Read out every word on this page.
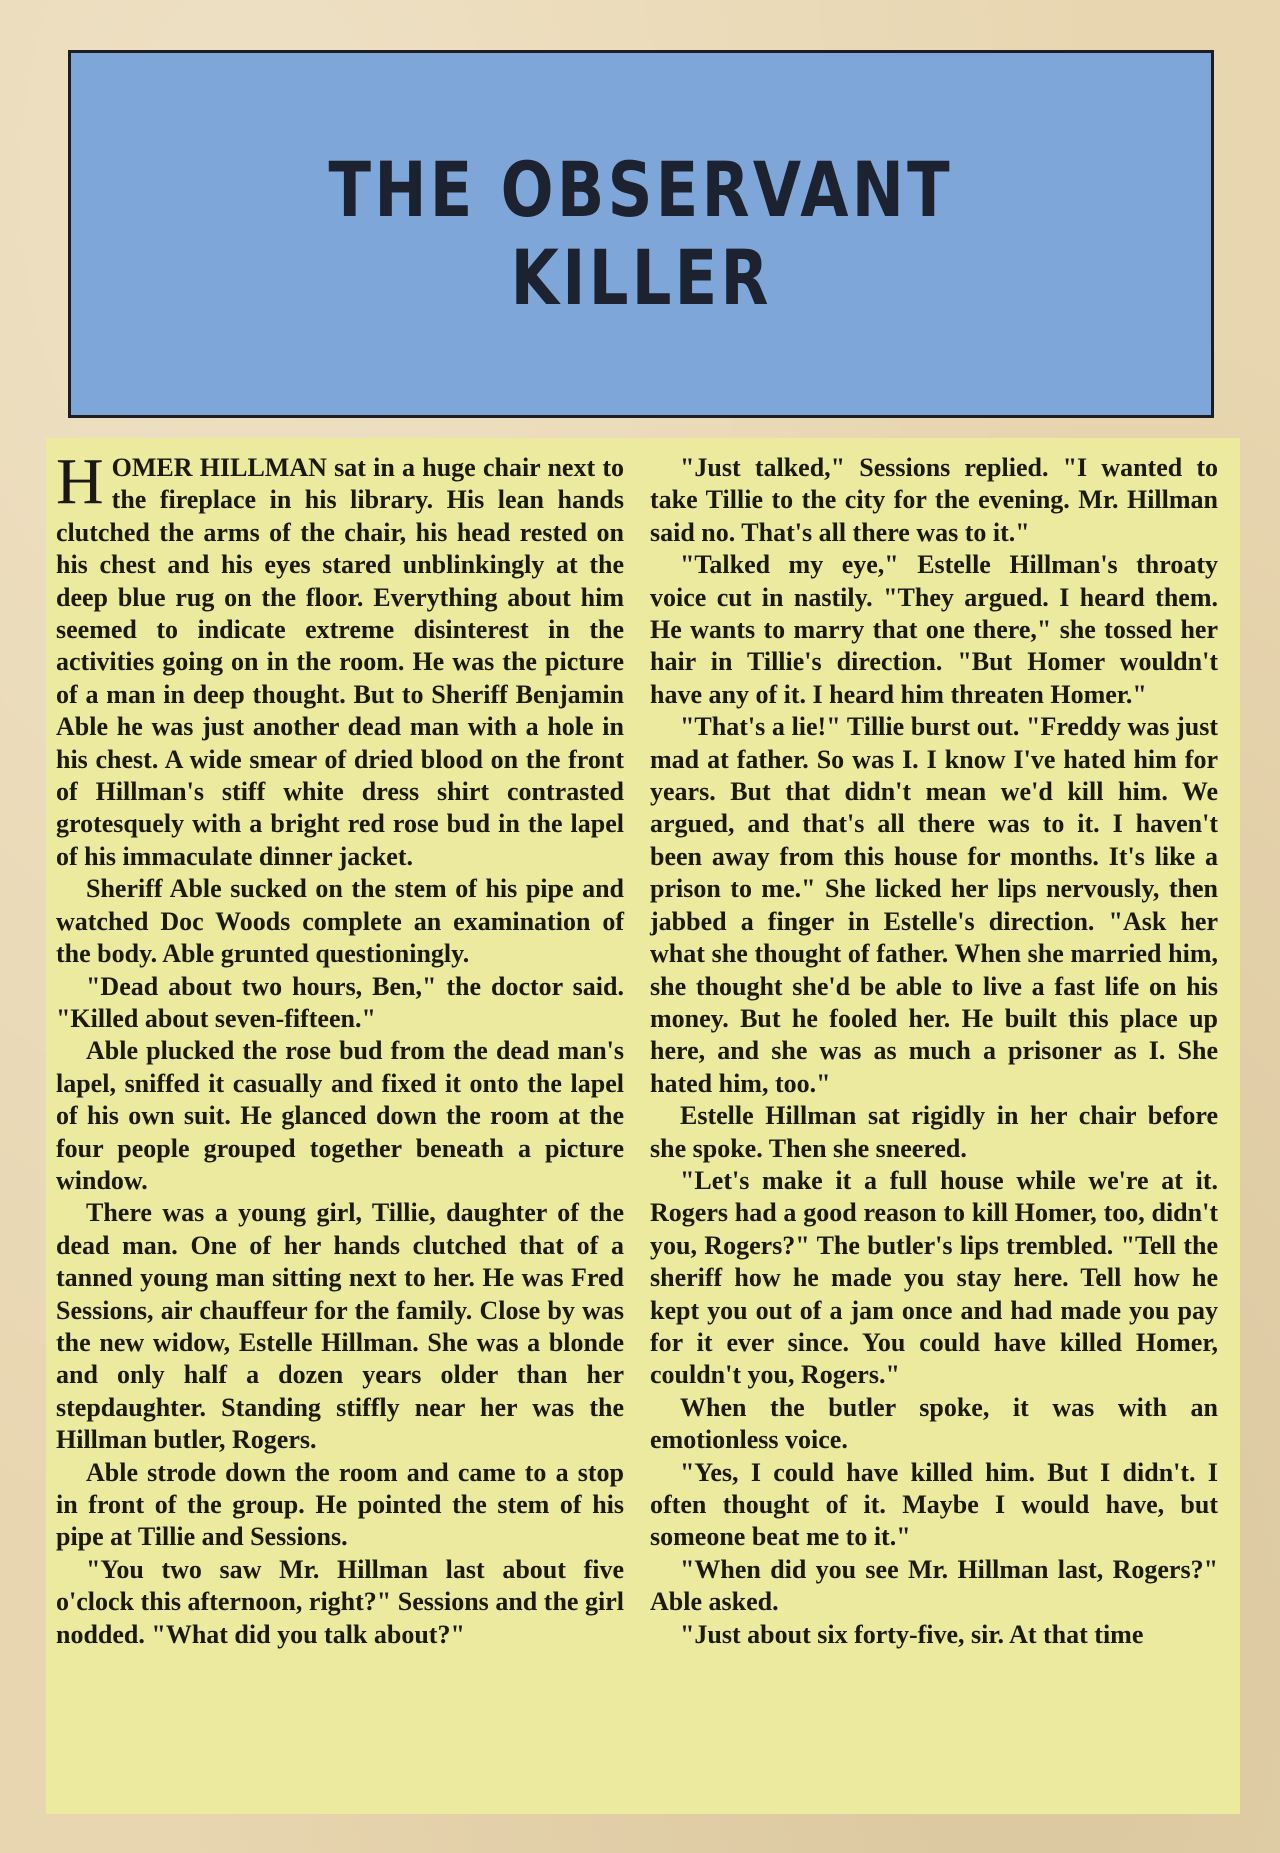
THE OBSERVANT
KILLER

HOMER HILLMAN sat in a huge chair next to the fireplace in his library. His lean hands clutched the arms of the chair, his head rested on his chest and his eyes stared unblinkingly at the deep blue rug on the floor. Everything about him seemed to indicate extreme disinterest in the activities going on in the room. He was the picture of a man in deep thought. But to Sheriff Benjamin Able he was just another dead man with a hole in his chest. A wide smear of dried blood on the front of Hillman's stiff white dress shirt contrasted grotesquely with a bright red rose bud in the lapel of his immaculate dinner jacket.

Sheriff Able sucked on the stem of his pipe and watched Doc Woods complete an examination of the body. Able grunted questioningly.

"Dead about two hours, Ben," the doctor said. "Killed about seven-fifteen."

Able plucked the rose bud from the dead man's lapel, sniffed it casually and fixed it onto the lapel of his own suit. He glanced down the room at the four people grouped together beneath a picture window.

There was a young girl, Tillie, daughter of the dead man. One of her hands clutched that of a tanned young man sitting next to her. He was Fred Sessions, air chauffeur for the family. Close by was the new widow, Estelle Hillman. She was a blonde and only half a dozen years older than her stepdaughter. Standing stiffly near her was the Hillman butler, Rogers.

Able strode down the room and came to a stop in front of the group. He pointed the stem of his pipe at Tillie and Sessions.

"You two saw Mr. Hillman last about five o'clock this afternoon, right?" Sessions and the girl nodded. "What did you talk about?"

"Just talked," Sessions replied. "I wanted to take Tillie to the city for the evening. Mr. Hillman said no. That's all there was to it."

"Talked my eye," Estelle Hillman's throaty voice cut in nastily. "They argued. I heard them. He wants to marry that one there," she tossed her hair in Tillie's direction. "But Homer wouldn't have any of it. I heard him threaten Homer."

"That's a lie!" Tillie burst out. "Freddy was just mad at father. So was I. I know I've hated him for years. But that didn't mean we'd kill him. We argued, and that's all there was to it. I haven't been away from this house for months. It's like a prison to me." She licked her lips nervously, then jabbed a finger in Estelle's direction. "Ask her what she thought of father. When she married him, she thought she'd be able to live a fast life on his money. But he fooled her. He built this place up here, and she was as much a prisoner as I. She hated him, too."

Estelle Hillman sat rigidly in her chair before she spoke. Then she sneered.

"Let's make it a full house while we're at it. Rogers had a good reason to kill Homer, too, didn't you, Rogers?" The butler's lips trembled. "Tell the sheriff how he made you stay here. Tell how he kept you out of a jam once and had made you pay for it ever since. You could have killed Homer, couldn't you, Rogers."

When the butler spoke, it was with an emotionless voice.

"Yes, I could have killed him. But I didn't. I often thought of it. Maybe I would have, but someone beat me to it."

"When did you see Mr. Hillman last, Rogers?" Able asked.

"Just about six forty-five, sir. At that time
